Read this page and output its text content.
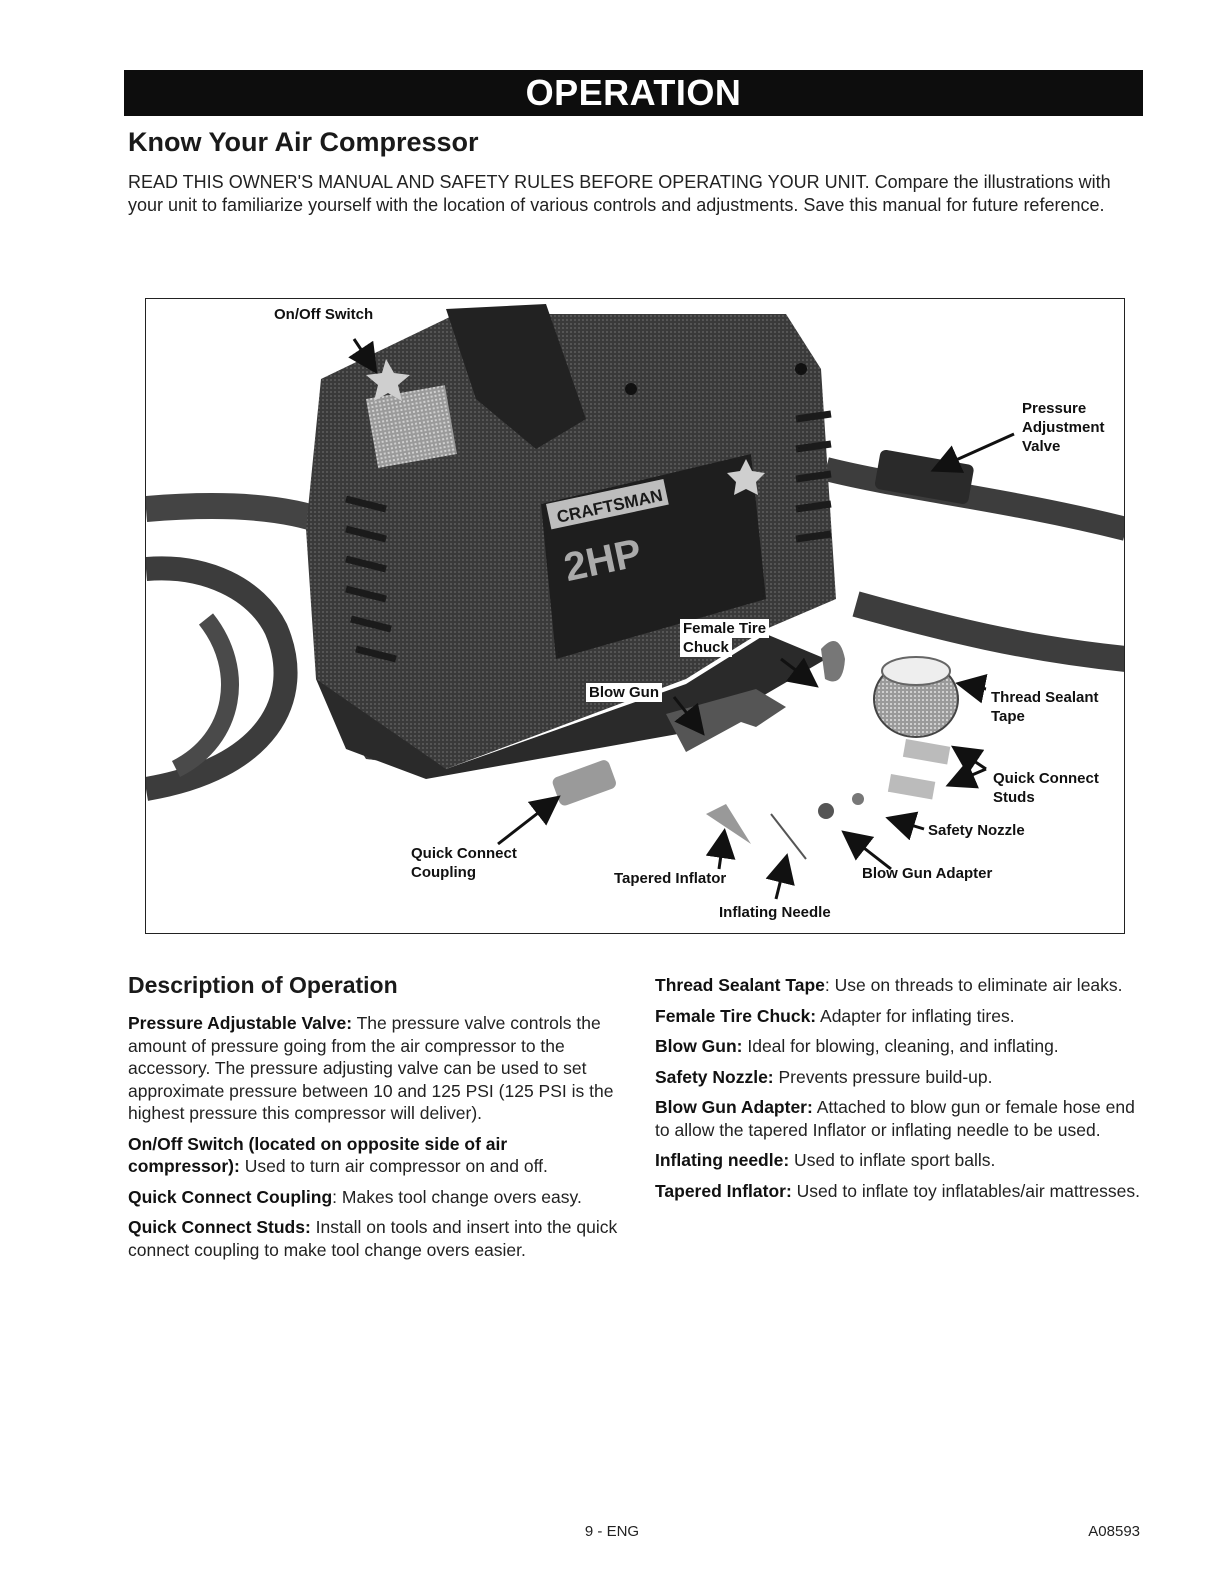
OPERATION
Know Your Air Compressor
READ THIS OWNER'S MANUAL AND SAFETY RULES BEFORE OPERATING YOUR UNIT. Compare the illustrations with your unit to familiarize yourself with the location of various controls and adjustments. Save this manual for future reference.
CRAFTSMAN
2HP
On/Off Switch
Pressure
Adjustment
Valve
Female Tire
Chuck
Blow Gun	Thread Sealant
Tape
Quick Connect
Studs
Safety Nozzle
Quick Connect
Coupling	Tapered Inflator	Blow Gun Adapter
Inflating Needle
Description of Operation

Pressure Adjustable Valve: The pressure valve controls the amount of pressure going from the air compressor to the accessory. The pressure adjusting valve can be used to set approximate pressure between 10 and 125 PSI (125 PSI is the highest pressure this compressor will deliver).

On/Off Switch (located on opposite side of air compressor): Used to turn air compressor on and off.

Quick Connect Coupling: Makes tool change overs easy.

Quick Connect Studs: Install on tools and insert into the quick connect coupling to make tool change overs easier.

Thread Sealant Tape: Use on threads to eliminate air leaks.

Female Tire Chuck: Adapter for inflating tires.

Blow Gun: Ideal for blowing, cleaning, and inflating.

Safety Nozzle: Prevents pressure build-up.

Blow Gun Adapter: Attached to blow gun or female hose end to allow the tapered Inflator or inflating needle to be used.

Inflating needle: Used to inflate sport balls.

Tapered Inflator: Used to inflate toy inflatables/air mattresses.

9 - ENG	A08593
